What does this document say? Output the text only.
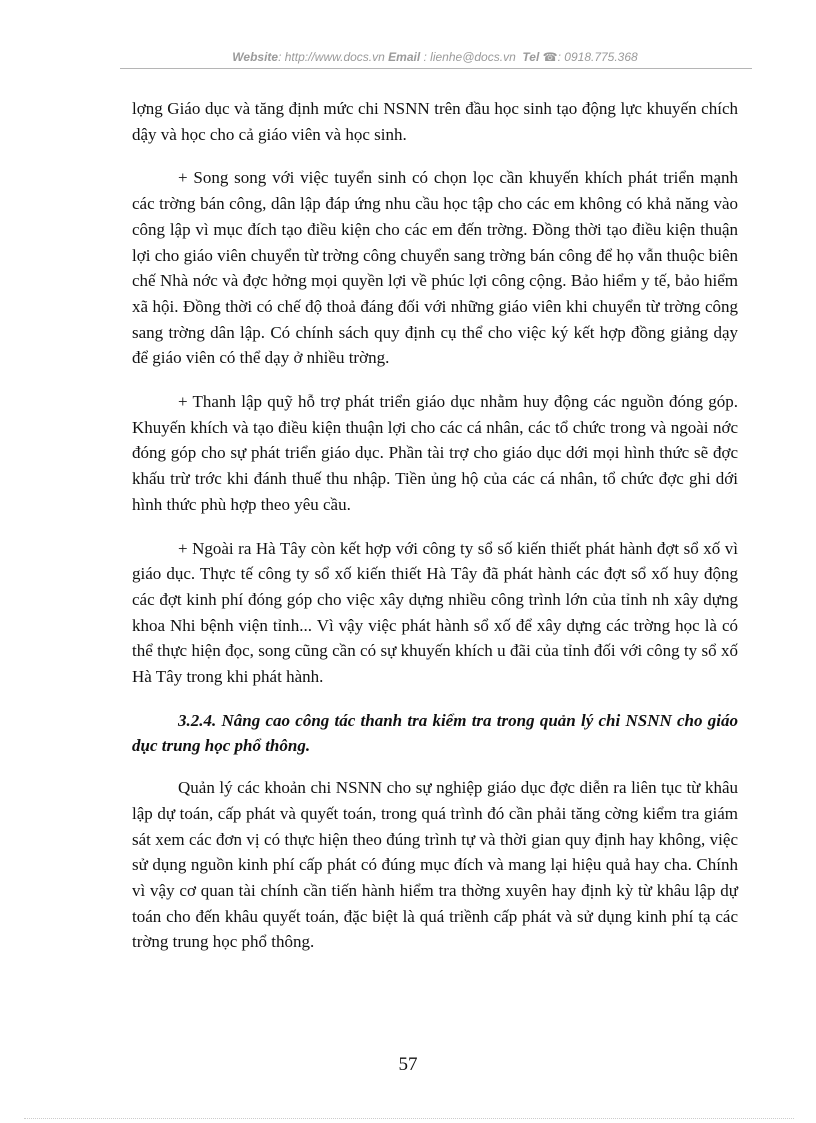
Website: http://www.docs.vn Email : lienhe@docs.vn Tel ☎: 0918.775.368

lợng Giáo dục và tăng định mức chi NSNN trên đầu học sinh tạo động lực khuyến chích dậy và học cho cả giáo viên và học sinh.

+ Song song với việc tuyển sinh có chọn lọc cần khuyến khích phát triển mạnh các trờng bán công, dân lập đáp ứng nhu cầu học tập cho các em không có khả năng vào công lập vì mục đích tạo điều kiện cho các em đến trờng. Đồng thời tạo điều kiện thuận lợi cho giáo viên chuyển từ trờng công chuyển sang trờng bán công để họ vẫn thuộc biên chế Nhà nớc và đợc hởng mọi quyền lợi về phúc lợi công cộng. Bảo hiểm y tế, bảo hiểm xã hội. Đồng thời có chế độ thoả đáng đối với những giáo viên khi chuyển từ trờng công sang trờng dân lập. Có chính sách quy định cụ thể cho việc ký kết hợp đồng giảng dạy để giáo viên có thể dạy ở nhiều trờng.

+ Thanh lập quỹ hỗ trợ phát triển giáo dục nhằm huy động các nguồn đóng góp. Khuyến khích và tạo điều kiện thuận lợi cho các cá nhân, các tổ chức trong và ngoài nớc đóng góp cho sự phát triển giáo dục. Phần tài trợ cho giáo dục dới mọi hình thức sẽ đợc khấu trừ trớc khi đánh thuế thu nhập. Tiền ủng hộ của các cá nhân, tổ chức đợc ghi dới hình thức phù hợp theo yêu cầu.

+ Ngoài ra Hà Tây còn kết hợp với công ty sổ số kiến thiết phát hành đợt sổ xố vì giáo dục. Thực tế công ty sổ xố kiến thiết Hà Tây đã phát hành các đợt sổ xố huy động các đợt kinh phí đóng góp cho việc xây dựng nhiều công trình lớn của tỉnh nh xây dựng khoa Nhi bệnh viện tỉnh... Vì vậy việc phát hành sổ xố để xây dựng các trờng học là có thể thực hiện đọc, song cũng cần có sự khuyến khích u đãi của tỉnh đối với công ty sổ xố Hà Tây trong khi phát hành.

3.2.4. Nâng cao công tác thanh tra kiểm tra trong quản lý chi NSNN cho giáo dục trung học phổ thông.

Quản lý các khoản chi NSNN cho sự nghiệp giáo dục đợc diễn ra liên tục từ khâu lập dự toán, cấp phát và quyết toán, trong quá trình đó cần phải tăng cờng kiểm tra giám sát xem các đơn vị có thực hiện theo đúng trình tự và thời gian quy định hay không, việc sử dụng nguồn kinh phí cấp phát có đúng mục đích và mang lại hiệu quả hay cha. Chính vì vậy cơ quan tài chính cần tiến hành hiểm tra thờng xuyên hay định kỳ từ khâu lập dự toán cho đến khâu quyết toán, đặc biệt là quá triềnh cấp phát và sử dụng kinh phí tạ các trờng trung học phổ thông.

57
